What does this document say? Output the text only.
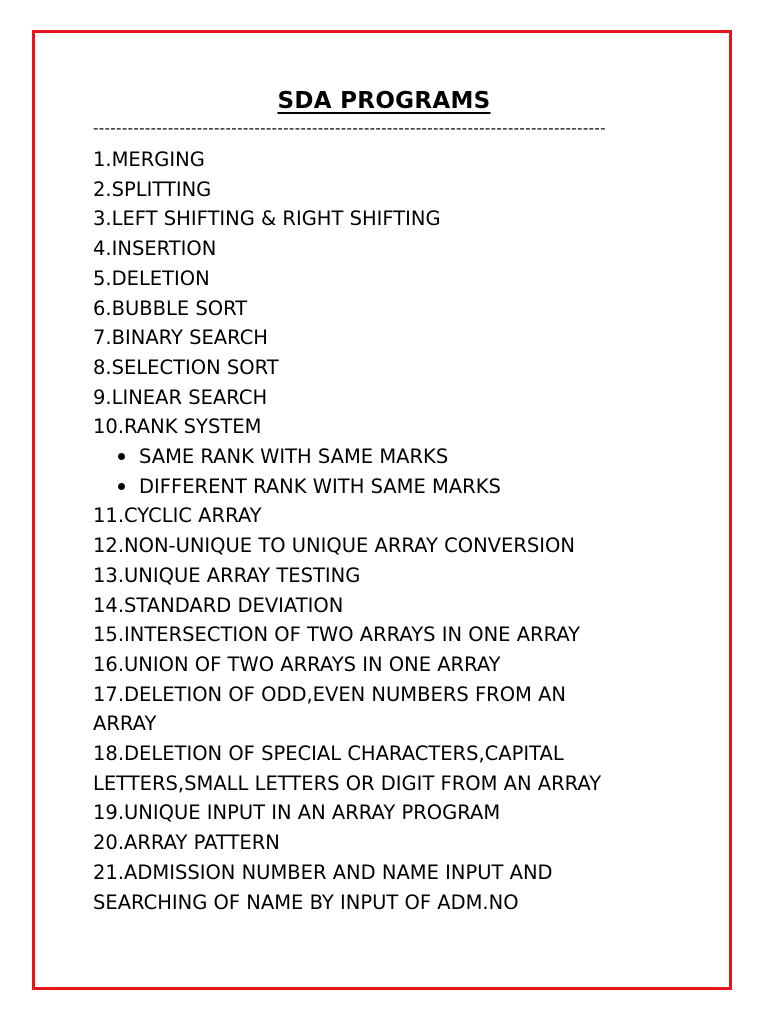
SDA PROGRAMS
-----------------------------------------------------------------------------------------
1.MERGING
2.SPLITTING
3.LEFT SHIFTING & RIGHT SHIFTING
4.INSERTION
5.DELETION
6.BUBBLE SORT
7.BINARY SEARCH
8.SELECTION SORT
9.LINEAR SEARCH
10.RANK SYSTEM
SAME RANK WITH SAME MARKS
DIFFERENT RANK WITH SAME MARKS
11.CYCLIC ARRAY
12.NON-UNIQUE TO UNIQUE ARRAY CONVERSION
13.UNIQUE ARRAY TESTING
14.STANDARD DEVIATION
15.INTERSECTION OF TWO ARRAYS IN ONE ARRAY
16.UNION OF TWO ARRAYS IN ONE ARRAY
17.DELETION OF ODD,EVEN NUMBERS FROM AN
ARRAY
18.DELETION OF SPECIAL CHARACTERS,CAPITAL
LETTERS,SMALL LETTERS OR DIGIT FROM AN ARRAY
19.UNIQUE INPUT IN AN ARRAY PROGRAM
20.ARRAY PATTERN
21.ADMISSION NUMBER AND NAME INPUT AND
SEARCHING OF NAME BY INPUT OF ADM.NO
